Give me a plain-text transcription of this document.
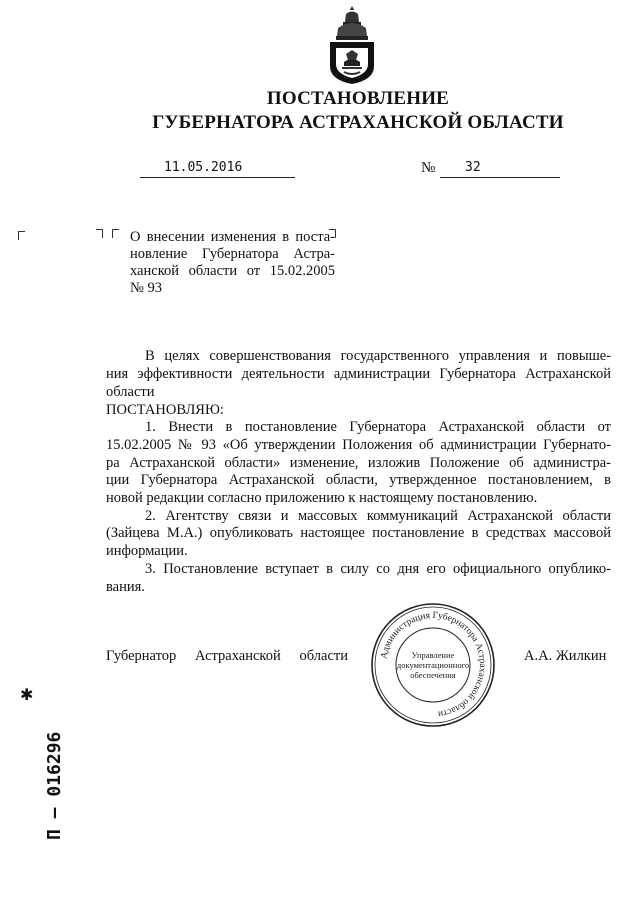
ПОСТАНОВЛЕНИЕ
ГУБЕРНАТОРА АСТРАХАНСКОЙ ОБЛАСТИ
11.05.2016	№ 32
О внесении изменения в поста-
новление Губернатора Астра-
ханской области от 15.02.2005
№ 93
В целях совершенствования государственного управления и повыше-
ния эффективности деятельности администрации Губернатора Астраханской
области
ПОСТАНОВЛЯЮ:
1. Внести в постановление Губернатора Астраханской области от
15.02.2005 № 93 «Об утверждении Положения об администрации Губернато-
ра Астраханской области» изменение, изложив Положение об администра-
ции Губернатора Астраханской области, утвержденное постановлением, в
новой редакции согласно приложению к настоящему постановлению.
2. Агентству связи и массовых коммуникаций Астраханской области
(Зайцева М.А.) опубликовать настоящее постановление в средствах массовой
информации.
3. Постановление вступает в силу со дня его официального опублико-
вания.
Администрация Губернатора Астраханской области
Управление
документационного
обеспечения
Губернатор Астраханской области	А.А. Жилкин
✱
П – 016296
